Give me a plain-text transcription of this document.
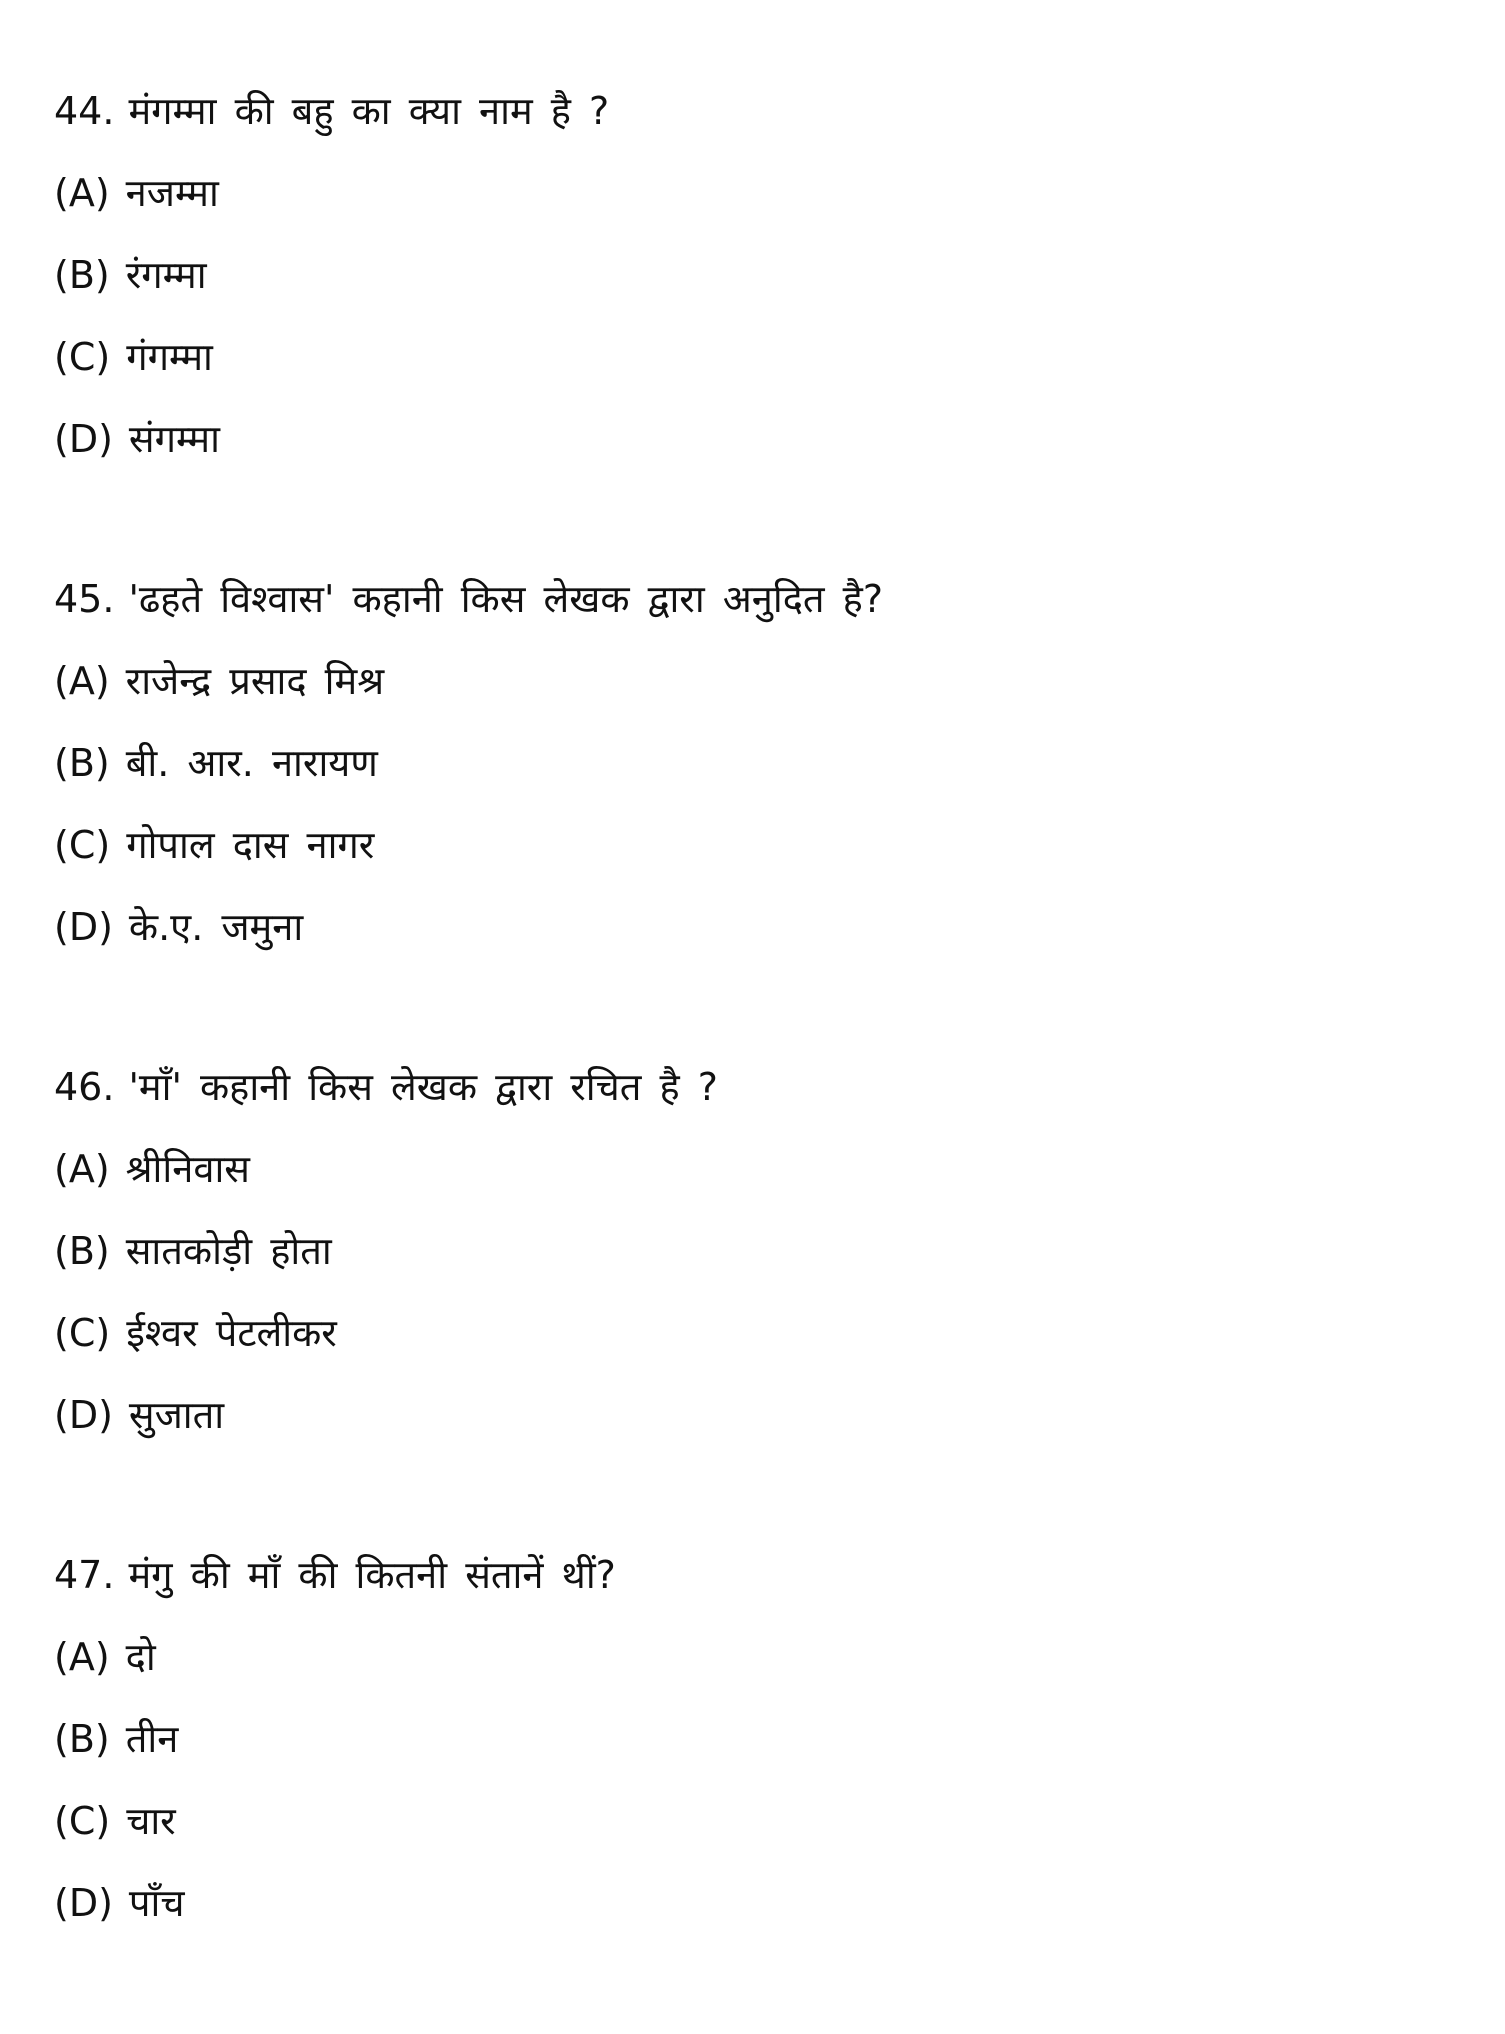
44. मंगम्मा की बहु का क्या नाम है ?
(A) नजम्मा
(B) रंगम्मा
(C) गंगम्मा
(D) संगम्मा
45. 'ढहते विश्वास' कहानी किस लेखक द्वारा अनुदित है?
(A) राजेन्द्र प्रसाद मिश्र
(B) बी. आर. नारायण
(C) गोपाल दास नागर
(D) के.ए. जमुना
46. 'माँ' कहानी किस लेखक द्वारा रचित है ?
(A) श्रीनिवास
(B) सातकोड़ी होता
(C) ईश्वर पेटलीकर
(D) सुजाता
47. मंगु की माँ की कितनी संतानें थीं?
(A) दो
(B) तीन
(C) चार
(D) पाँच
